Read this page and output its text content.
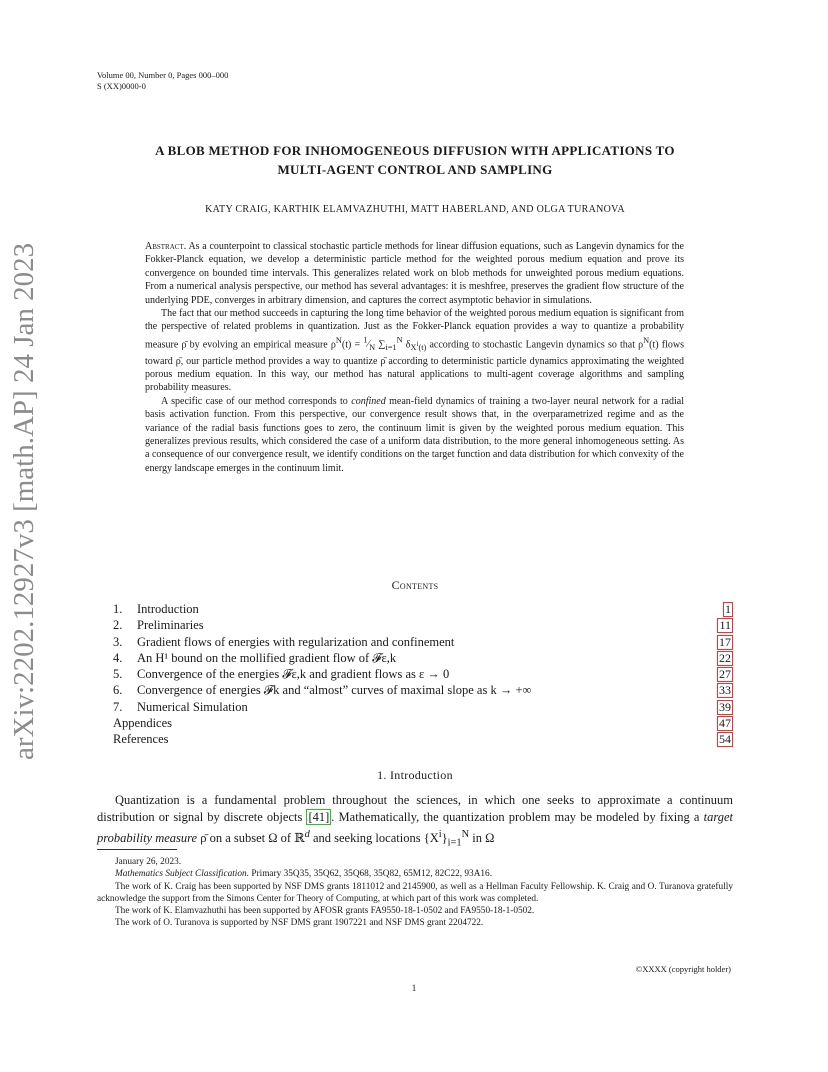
Volume 00, Number 0, Pages 000–000
S (XX)0000-0
arXiv:2202.12927v3 [math.AP] 24 Jan 2023
A BLOB METHOD FOR INHOMOGENEOUS DIFFUSION WITH APPLICATIONS TO
MULTI-AGENT CONTROL AND SAMPLING
KATY CRAIG, KARTHIK ELAMVAZHUTHI, MATT HABERLAND, AND OLGA TURANOVA

Abstract. As a counterpoint to classical stochastic particle methods for linear diffusion equations, such as Langevin dynamics for the Fokker-Planck equation, we develop a deterministic particle method for the weighted porous medium equation and prove its convergence on bounded time intervals. This generalizes related work on blob methods for unweighted porous medium equations. From a numerical analysis perspective, our method has several advantages: it is meshfree, preserves the gradient flow structure of the underlying PDE, converges in arbitrary dimension, and captures the correct asymptotic behavior in simulations.

The fact that our method succeeds in capturing the long time behavior of the weighted porous medium equation is significant from the perspective of related problems in quantization. Just as the Fokker-Planck equation provides a way to quantize a probability measure ρ̄ by evolving an empirical measure $\rho^N(t)$ = $^1⁄_N$ $\sum_{i=1}^N$ $\delta_{X^i(t)}$ according to stochastic Langevin dynamics so that $\rho^N(t)$ flows toward ρ̄, our particle method provides a way to quantize ρ̄ according to deterministic particle dynamics approximating the weighted porous medium equation. In this way, our method has natural applications to multi-agent coverage algorithms and sampling probability measures.

A specific case of our method corresponds to confined mean-field dynamics of training a two-layer neural network for a radial basis activation function. From this perspective, our convergence result shows that, in the overparametrized regime and as the variance of the radial basis functions goes to zero, the continuum limit is given by the weighted porous medium equation. This generalizes previous results, which considered the case of a uniform data distribution, to the more general inhomogeneous setting. As a consequence of our convergence result, we identify conditions on the target function and data distribution for which convexity of the energy landscape emerges in the continuum limit.

Contents
1.	Introduction	1
2.	Preliminaries	11
3.	Gradient flows of energies with regularization and confinement	17
4.	An H¹ bound on the mollified gradient flow of 𝓕ε,k	22
5.	Convergence of the energies 𝓕ε,k and gradient flows as ε → 0	27
6.	Convergence of energies 𝓕k and “almost” curves of maximal slope as k → +∞	33
7.	Numerical Simulation	39
Appendices	47
References	54
1. Introduction

Quantization is a fundamental problem throughout the sciences, in which one seeks to approximate a continuum distribution or signal by discrete objects [41] . Mathematically, the quantization problem may be modeled by fixing a target probability measure ρ̄ on a subset Ω of ℝ$^d$ and seeking locations $\{X^i\}_{i=1}^N$ in Ω

January 26, 2023.

Mathematics Subject Classification. Primary 35Q35, 35Q62, 35Q68, 35Q82, 65M12, 82C22, 93A16.

The work of K. Craig has been supported by NSF DMS grants 1811012 and 2145900, as well as a Hellman Faculty Fellowship. K. Craig and O. Turanova gratefully acknowledge the support from the Simons Center for Theory of Computing, at which part of this work was completed.

The work of K. Elamvazhuthi has been supported by AFOSR grants FA9550-18-1-0502 and FA9550-18-1-0502.

The work of O. Turanova is supported by NSF DMS grant 1907221 and NSF DMS grant 2204722.

©XXXX (copyright holder)
1
